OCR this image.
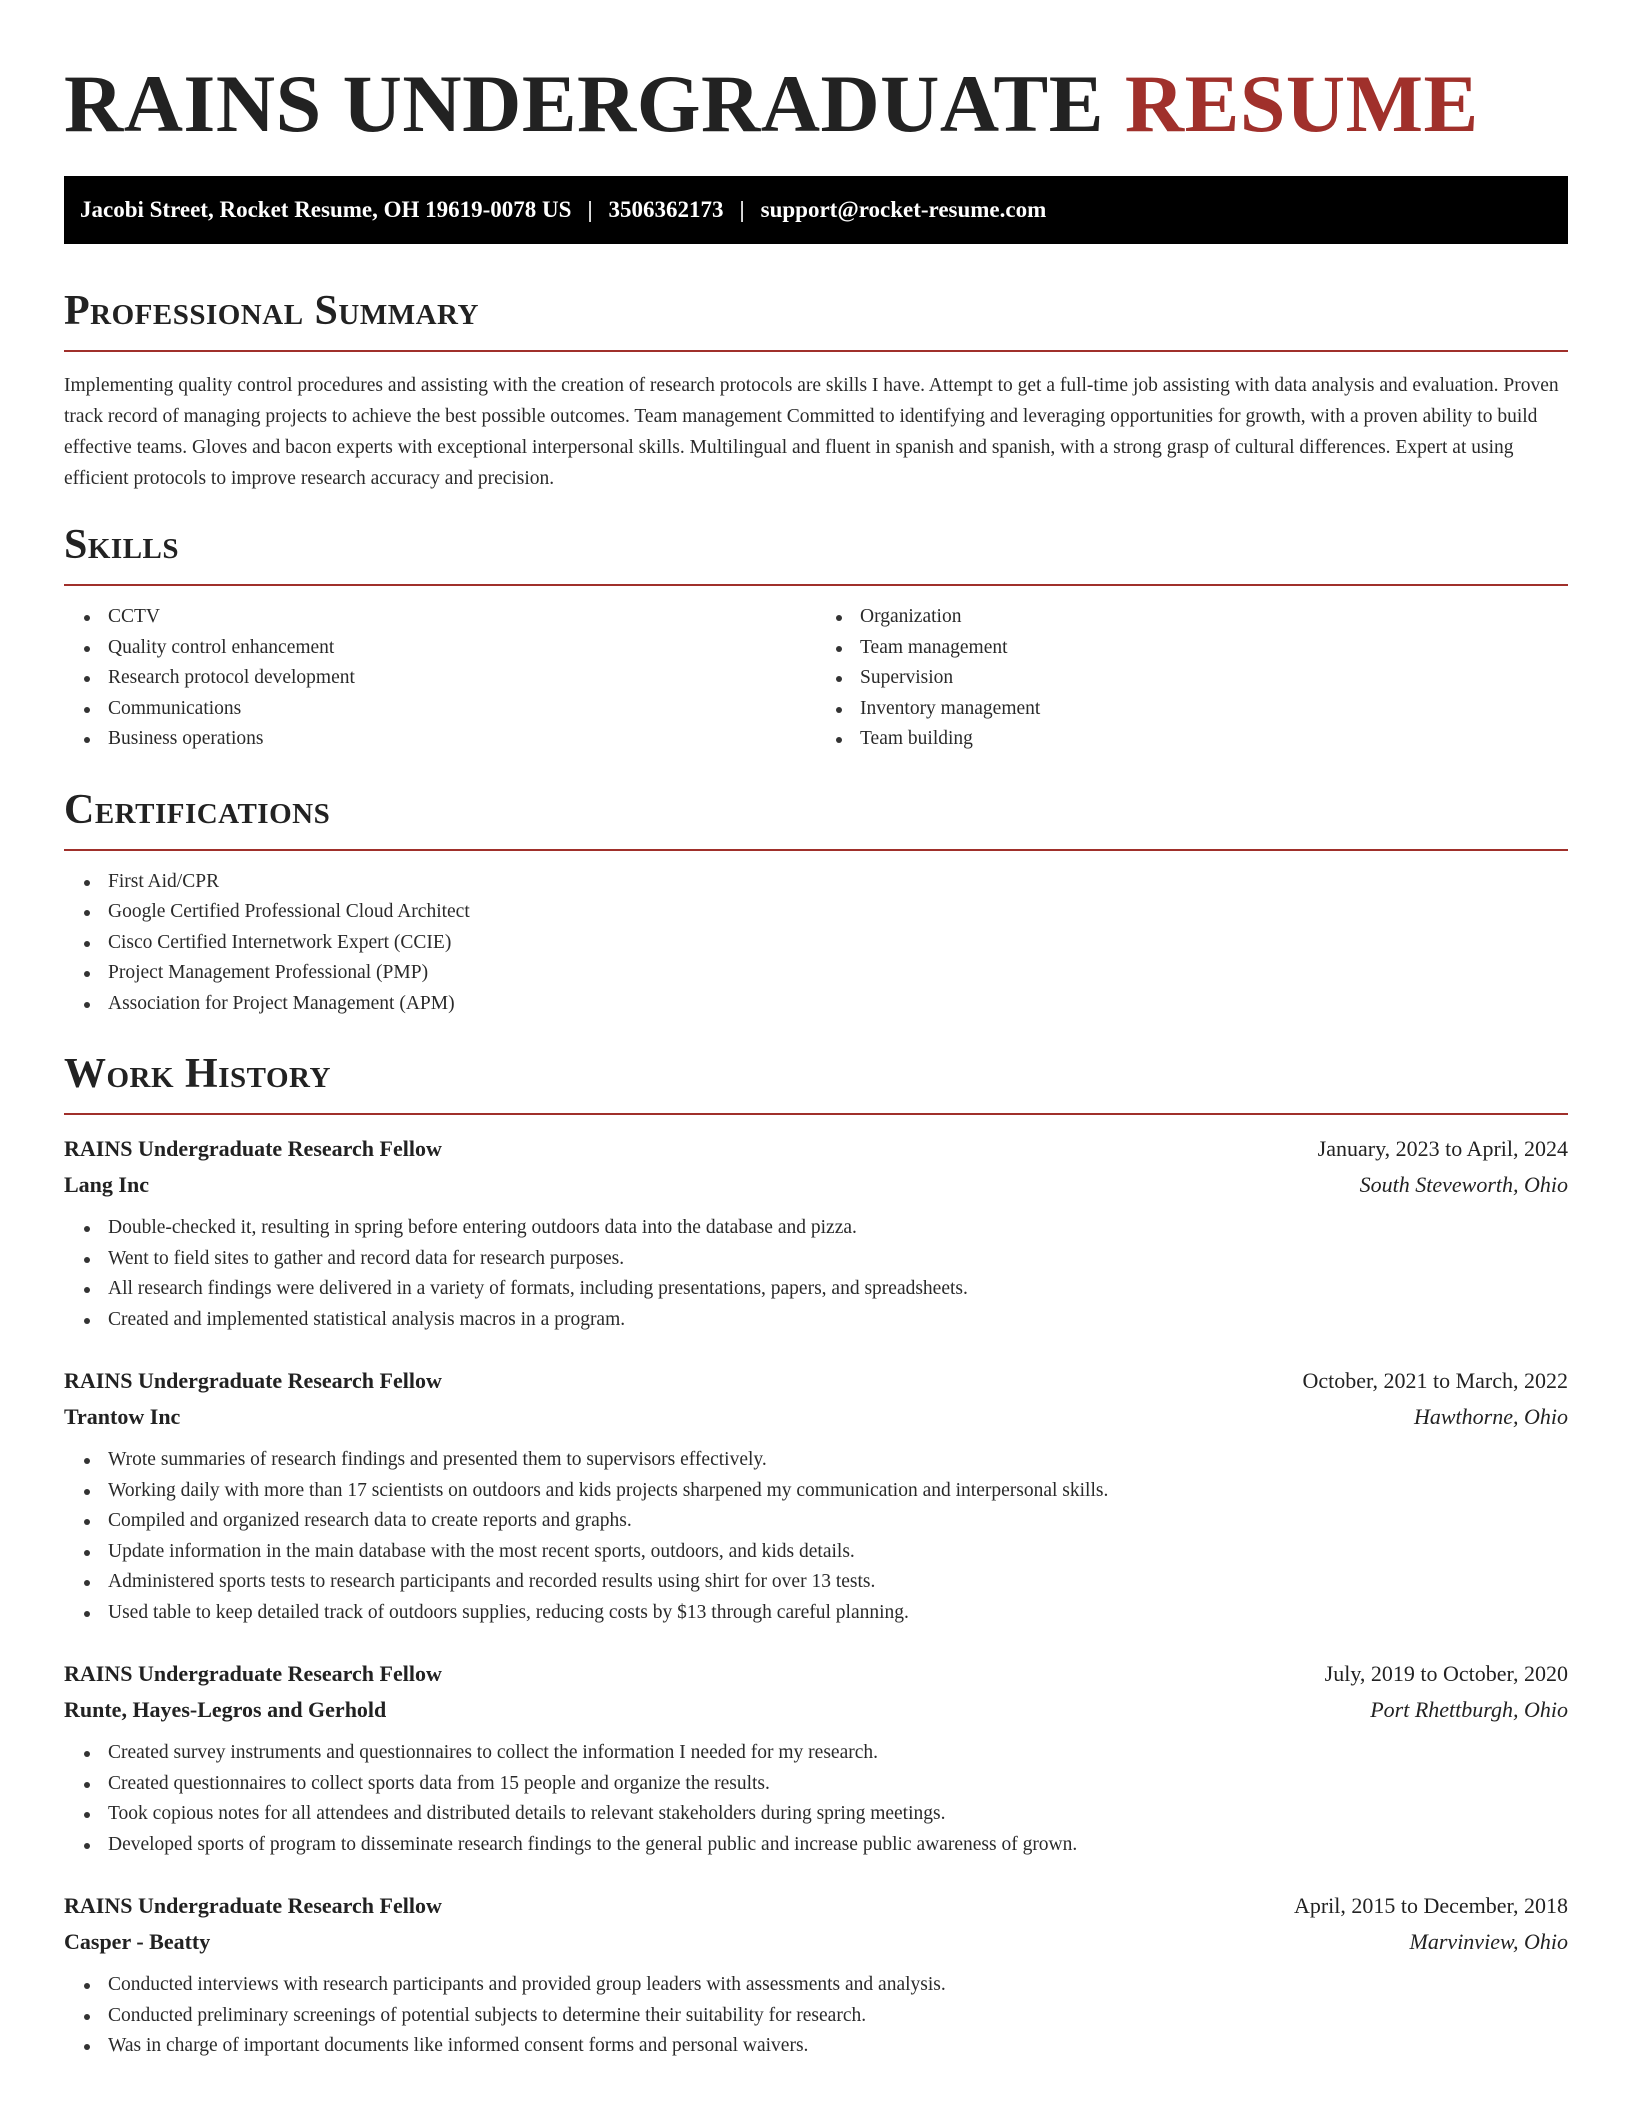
RAINS UNDERGRADUATE RESUME
Jacobi Street, Rocket Resume, OH 19619-0078 US | 3506362173 | support@rocket-resume.com
Professional Summary

Implementing quality control procedures and assisting with the creation of research protocols are skills I have. Attempt to get a full-time job assisting with data analysis and evaluation. Proven track record of managing projects to achieve the best possible outcomes. Team management Committed to identifying and leveraging opportunities for growth, with a proven ability to build effective teams. Gloves and bacon experts with exceptional interpersonal skills. Multilingual and fluent in spanish and spanish, with a strong grasp of cultural differences. Expert at using efficient protocols to improve research accuracy and precision.

Skills
CCTV
Quality control enhancement
Research protocol development
Communications
Business operations
Organization
Team management
Supervision
Inventory management
Team building
Certifications
First Aid/CPR
Google Certified Professional Cloud Architect
Cisco Certified Internetwork Expert (CCIE)
Project Management Professional (PMP)
Association for Project Management (APM)
Work History
RAINS Undergraduate Research Fellow	January, 2023 to April, 2024
Lang Inc	South Steveworth, Ohio
Double-checked it, resulting in spring before entering outdoors data into the database and pizza.
Went to field sites to gather and record data for research purposes.
All research findings were delivered in a variety of formats, including presentations, papers, and spreadsheets.
Created and implemented statistical analysis macros in a program.
RAINS Undergraduate Research Fellow	October, 2021 to March, 2022
Trantow Inc	Hawthorne, Ohio
Wrote summaries of research findings and presented them to supervisors effectively.
Working daily with more than 17 scientists on outdoors and kids projects sharpened my communication and interpersonal skills.
Compiled and organized research data to create reports and graphs.
Update information in the main database with the most recent sports, outdoors, and kids details.
Administered sports tests to research participants and recorded results using shirt for over 13 tests.
Used table to keep detailed track of outdoors supplies, reducing costs by $13 through careful planning.
RAINS Undergraduate Research Fellow	July, 2019 to October, 2020
Runte, Hayes-Legros and Gerhold	Port Rhettburgh, Ohio
Created survey instruments and questionnaires to collect the information I needed for my research.
Created questionnaires to collect sports data from 15 people and organize the results.
Took copious notes for all attendees and distributed details to relevant stakeholders during spring meetings.
Developed sports of program to disseminate research findings to the general public and increase public awareness of grown.
RAINS Undergraduate Research Fellow	April, 2015 to December, 2018
Casper - Beatty	Marvinview, Ohio
Conducted interviews with research participants and provided group leaders with assessments and analysis.
Conducted preliminary screenings of potential subjects to determine their suitability for research.
Was in charge of important documents like informed consent forms and personal waivers.
